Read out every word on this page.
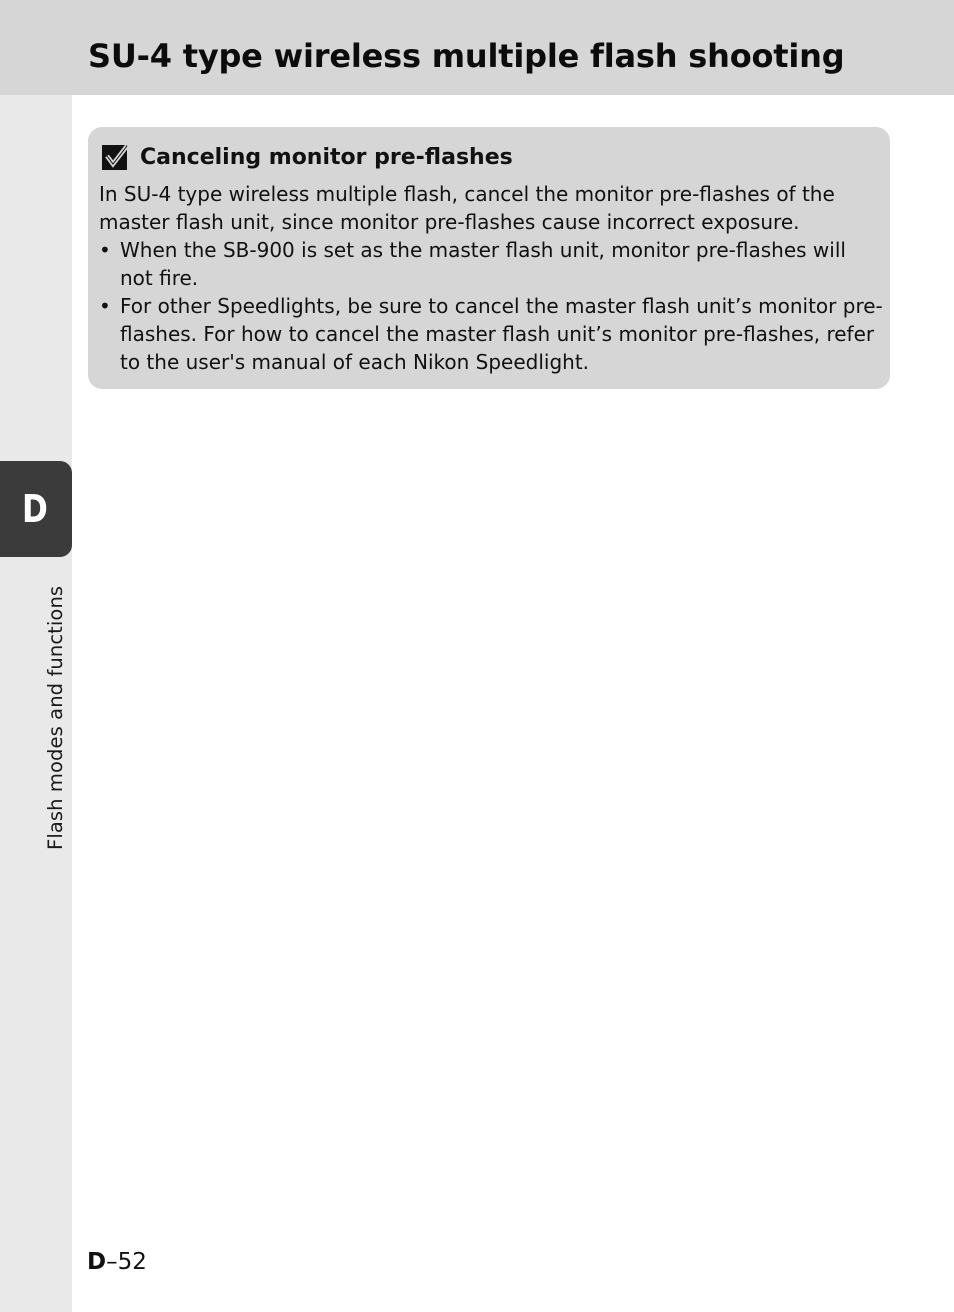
SU-4 type wireless multiple flash shooting
D
Flash modes and functions
Canceling monitor pre-flashes

In SU-4 type wireless multiple flash, cancel the monitor pre-flashes of the master flash unit, since monitor pre-flashes cause incorrect exposure.

• When the SB-900 is set as the master flash unit, monitor pre-flashes will not fire.
• For other Speedlights, be sure to cancel the master flash unit’s monitor pre-flashes. For how to cancel the master flash unit’s monitor pre-flashes, refer to the user's manual of each Nikon Speedlight.
D–52
